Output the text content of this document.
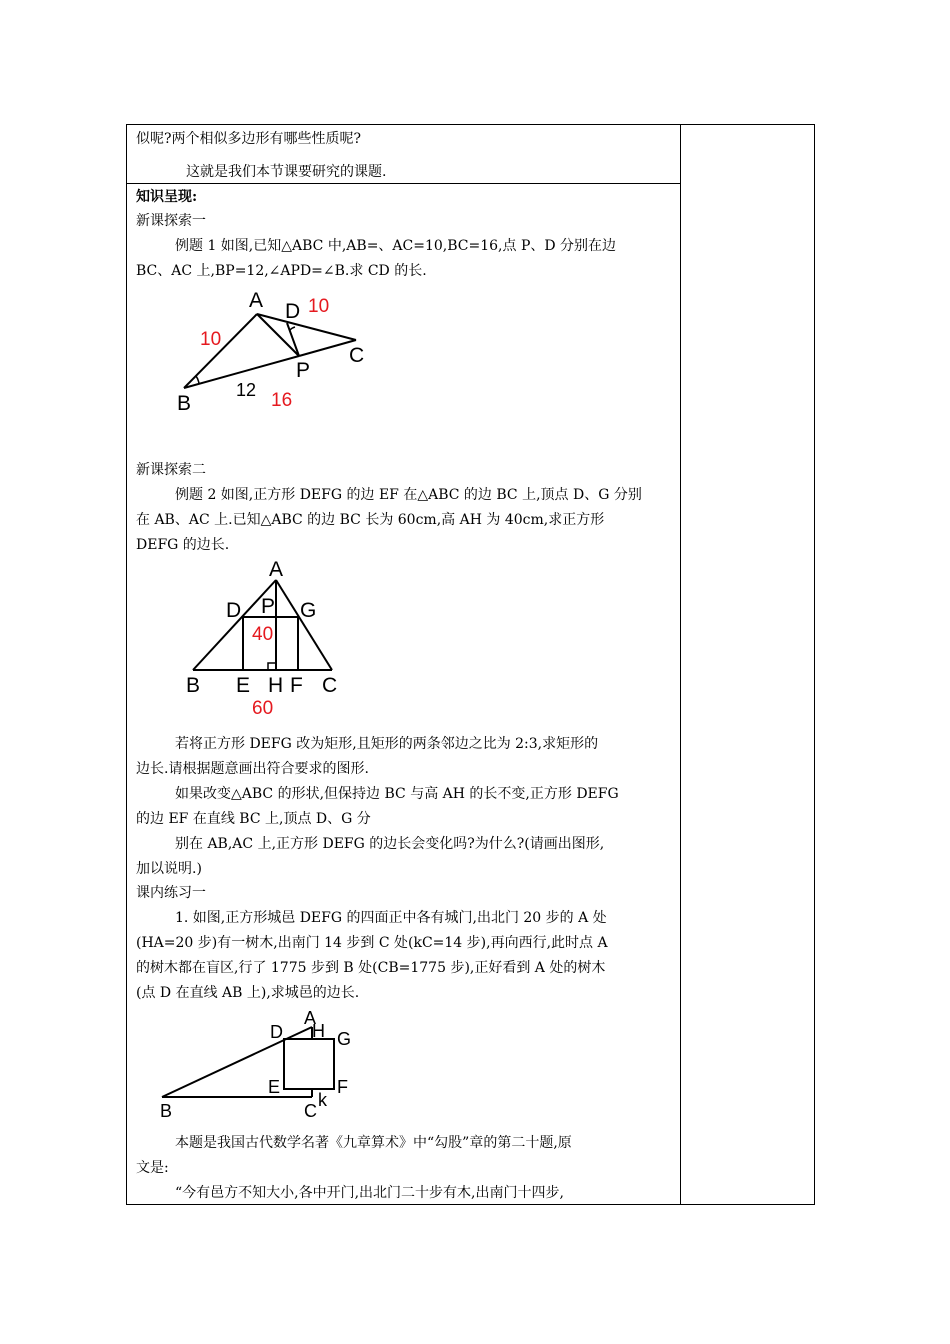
似呢?两个相似多边形有哪些性质呢?
这就是我们本节课要研究的课题.
知识呈现:
新课探索一
例题 1 如图,已知△ABC 中,AB=、AC=10,BC=16,点 P、D 分别在边
BC、AC 上,BP=12,∠APD=∠B.求 CD 的长.
A
B
C
D
P
10
10
12 16
新课探索二
例题 2 如图,正方形 DEFG 的边 EF 在△ABC 的边 BC 上,顶点 D、G 分别
在 AB、AC 上.已知△ABC 的边 BC 长为 60cm,高 AH 为 40cm,求正方形
DEFG 的边长.
A
D P G
40
B E H F C
60
若将正方形 DEFG 改为矩形,且矩形的两条邻边之比为 2:3,求矩形的
边长.请根据题意画出符合要求的图形.
如果改变△ABC 的形状,但保持边 BC 与高 AH 的长不变,正方形 DEFG
的边 EF 在直线 BC 上,顶点 D、G 分
别在 AB,AC 上,正方形 DEFG 的边长会变化吗?为什么?(请画出图形,
加以说明.)
课内练习一
1. 如图,正方形城邑 DEFG 的四面正中各有城门,出北门 20 步的 A 处
(HA=20 步)有一树木,出南门 14 步到 C 处(kC=14 步),再向西行,此时点 A
的树木都在盲区,行了 1775 步到 B 处(CB=1775 步),正好看到 A 处的树木
(点 D 在直线 AB 上),求城邑的边长.
A
D H G
E	F
B	C
k
本题是我国古代数学名著《九章算术》中“勾股”章的第二十题,原
文是:
“今有邑方不知大小,各中开门,出北门二十步有木,出南门十四步,
